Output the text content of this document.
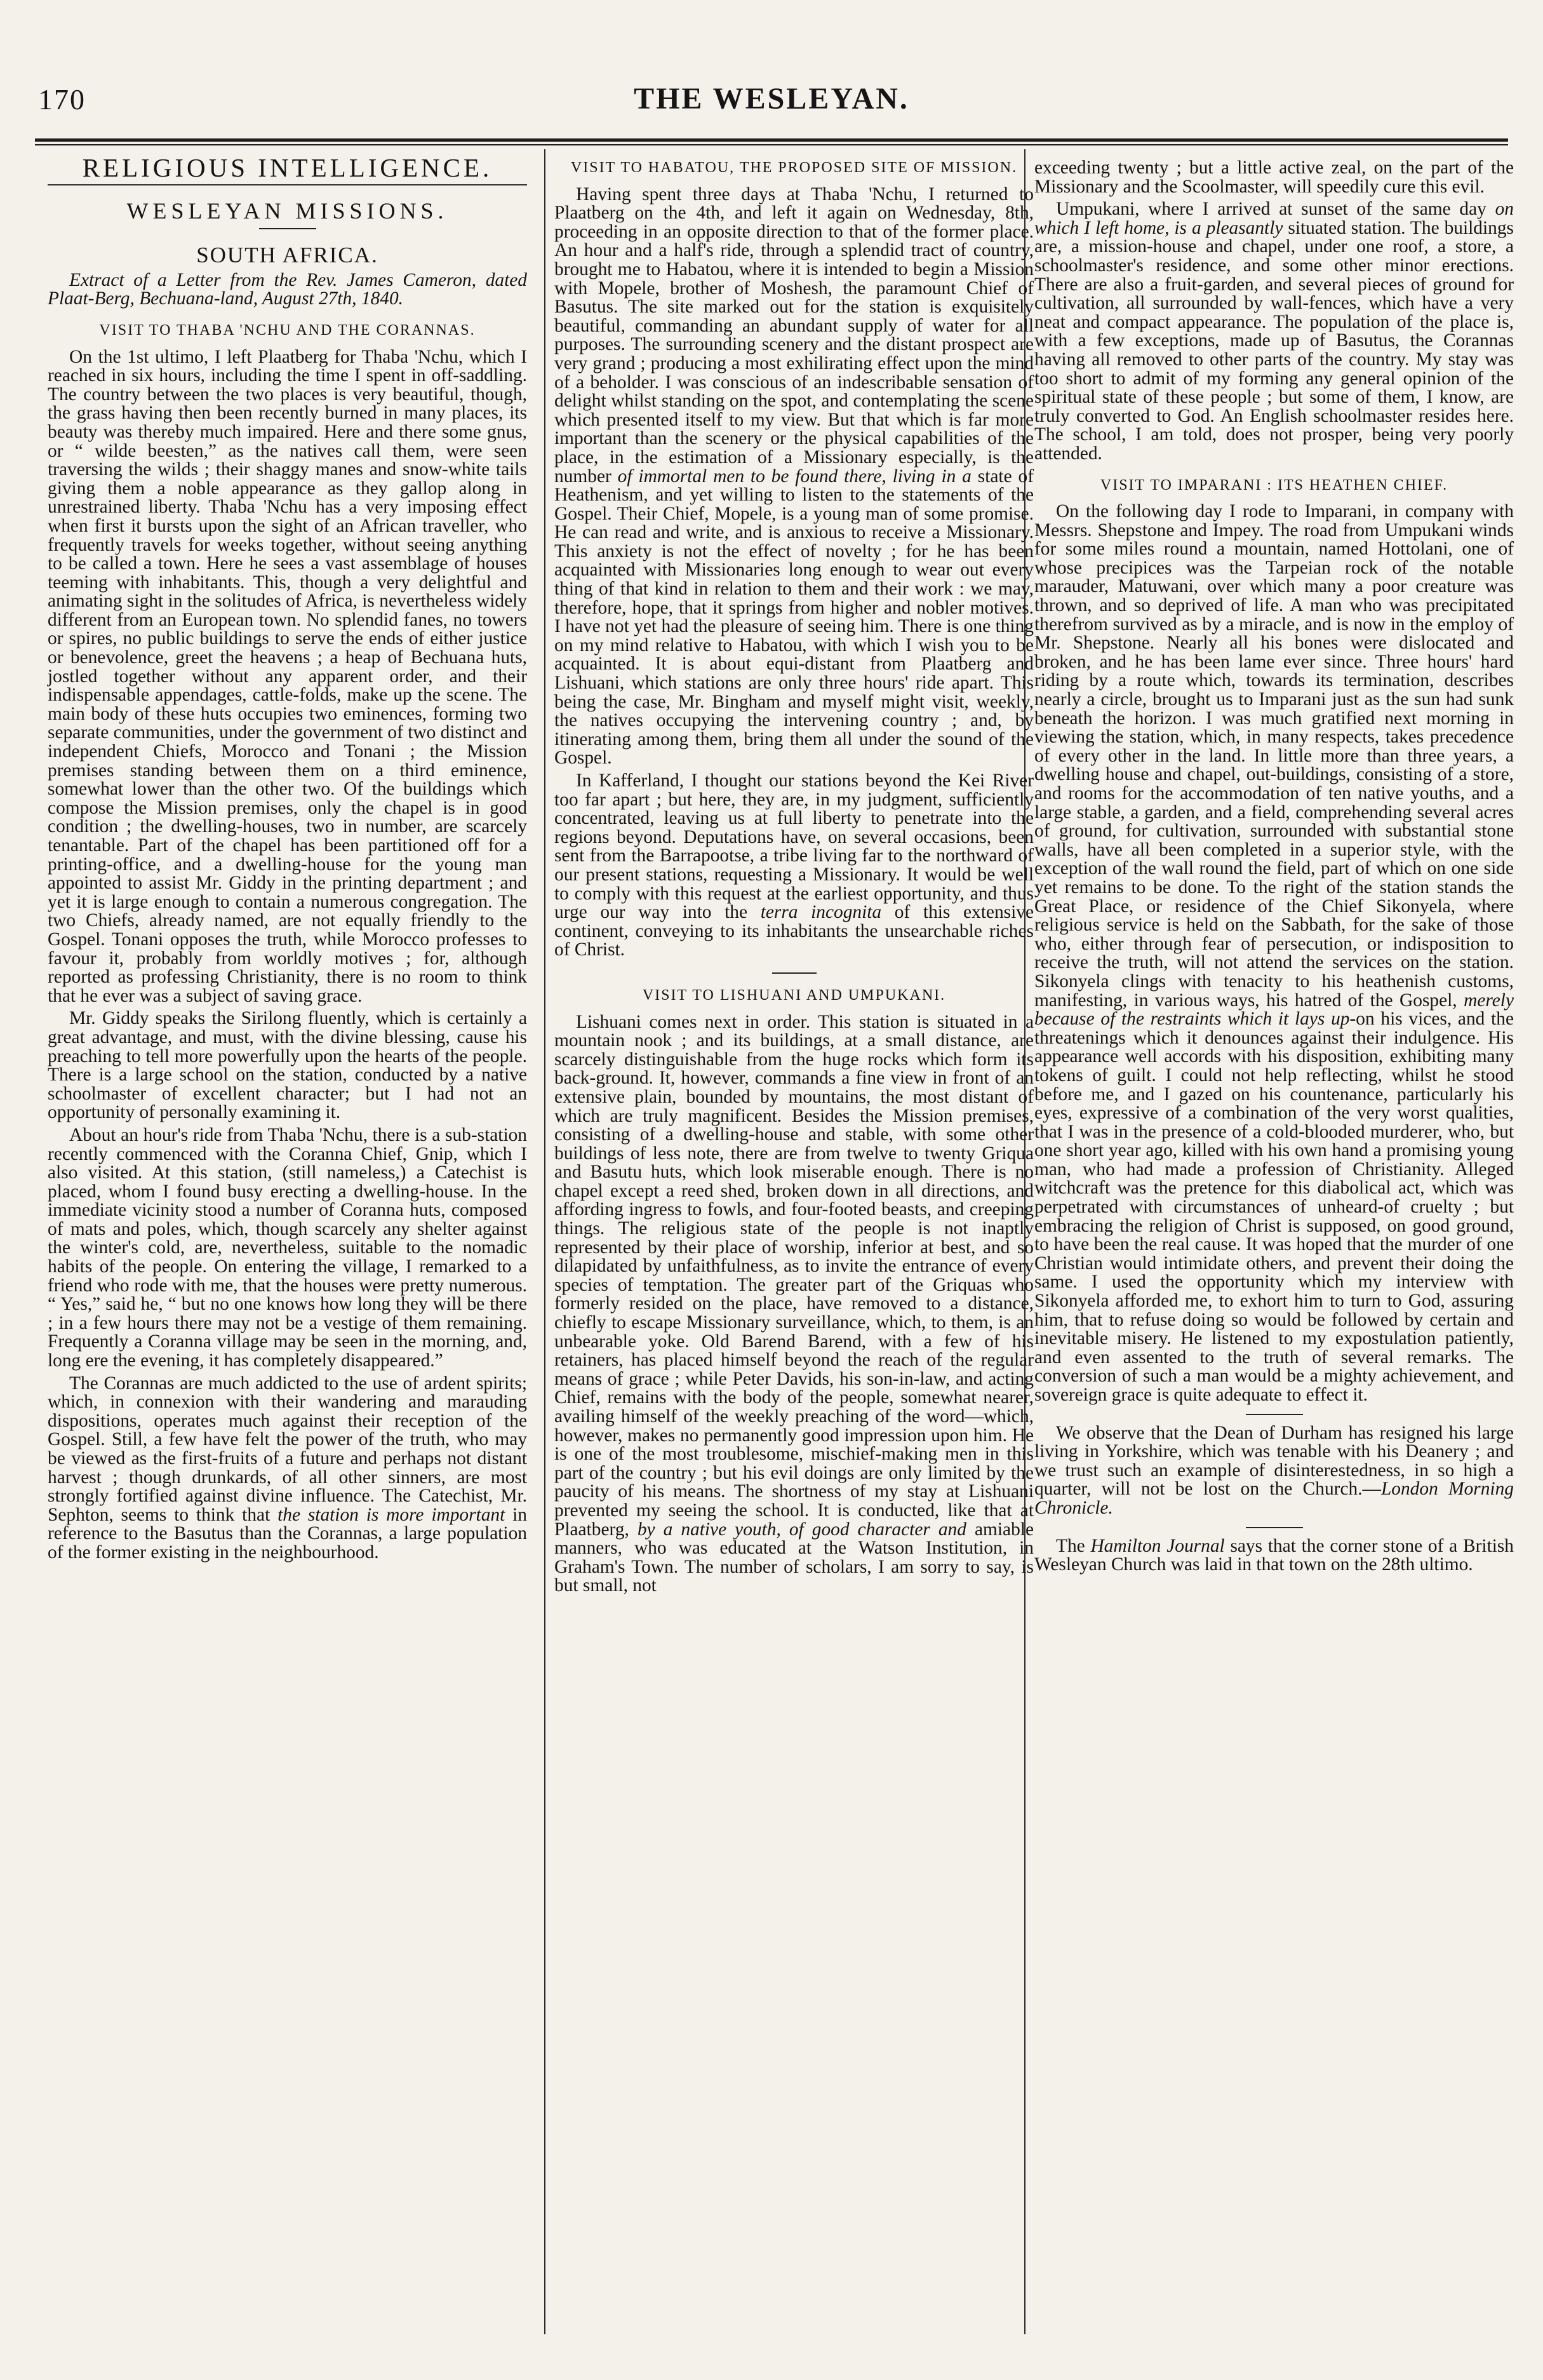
170	THE WESLEYAN.
RELIGIOUS INTELLIGENCE.
WESLEYAN MISSIONS.
SOUTH AFRICA.

Extract of a Letter from the Rev. James Cameron, dated Plaat-Berg, Bechuana-land, August 27th, 1840.

VISIT TO THABA 'NCHU AND THE CORANNAS.

On the 1st ultimo, I left Plaatberg for Thaba 'Nchu, which I reached in six hours, including the time I spent in off-saddling. The country between the two places is very beautiful, though, the grass having then been recently burned in many places, its beauty was thereby much impaired. Here and there some gnus, or “ wilde beesten,” as the natives call them, were seen traversing the wilds ; their shaggy manes and snow-white tails giving them a noble appearance as they gallop along in unrestrained liberty. Thaba 'Nchu has a very imposing effect when first it bursts upon the sight of an African traveller, who frequently travels for weeks together, without seeing anything to be called a town. Here he sees a vast assemblage of houses teeming with inhabitants. This, though a very delightful and animating sight in the solitudes of Africa, is nevertheless widely different from an European town. No splendid fanes, no towers or spires, no public buildings to serve the ends of either justice or benevolence, greet the heavens ; a heap of Bechuana huts, jostled together without any apparent order, and their indispensable appendages, cattle-folds, make up the scene. The main body of these huts occupies two eminences, forming two separate communities, under the government of two distinct and independent Chiefs, Morocco and Tonani ; the Mission premises standing between them on a third eminence, somewhat lower than the other two. Of the buildings which compose the Mission premises, only the chapel is in good condition ; the dwelling-houses, two in number, are scarcely tenantable. Part of the chapel has been partitioned off for a printing-office, and a dwelling-house for the young man appointed to assist Mr. Giddy in the printing department ; and yet it is large enough to contain a numerous congregation. The two Chiefs, already named, are not equally friendly to the Gospel. Tonani opposes the truth, while Morocco professes to favour it, probably from worldly motives ; for, although reported as professing Christianity, there is no room to think that he ever was a subject of saving grace.

Mr. Giddy speaks the Sirilong fluently, which is certainly a great advantage, and must, with the divine blessing, cause his preaching to tell more powerfully upon the hearts of the people. There is a large school on the station, conducted by a native schoolmaster of excellent character; but I had not an opportunity of personally examining it.

About an hour's ride from Thaba 'Nchu, there is a sub-station recently commenced with the Coranna Chief, Gnip, which I also visited. At this station, (still nameless,) a Catechist is placed, whom I found busy erecting a dwelling-house. In the immediate vicinity stood a number of Coranna huts, composed of mats and poles, which, though scarcely any shelter against the winter's cold, are, nevertheless, suitable to the nomadic habits of the people. On entering the village, I remarked to a friend who rode with me, that the houses were pretty numerous. “ Yes,” said he, “ but no one knows how long they will be there ; in a few hours there may not be a vestige of them remaining. Frequently a Coranna village may be seen in the morning, and, long ere the evening, it has completely disappeared.”

The Corannas are much addicted to the use of ardent spirits; which, in connexion with their wandering and marauding dispositions, operates much against their reception of the Gospel. Still, a few have felt the power of the truth, who may be viewed as the first-fruits of a future and perhaps not distant harvest ; though drunkards, of all other sinners, are most strongly fortified against divine influence. The Catechist, Mr. Sephton, seems to think that the station is more important in reference to the Basutus than the Corannas, a large population of the former existing in the neighbourhood.

VISIT TO HABATOU, THE PROPOSED SITE OF MISSION.

Having spent three days at Thaba 'Nchu, I returned to Plaatberg on the 4th, and left it again on Wednesday, 8th, proceeding in an opposite direction to that of the former place. An hour and a half's ride, through a splendid tract of country, brought me to Habatou, where it is intended to begin a Mission with Mopele, brother of Moshesh, the paramount Chief of Basutus. The site marked out for the station is exquisitely beautiful, commanding an abundant supply of water for all purposes. The surrounding scenery and the distant prospect are very grand ; producing a most exhilirating effect upon the mind of a beholder. I was conscious of an indescribable sensation of delight whilst standing on the spot, and contemplating the scene which presented itself to my view. But that which is far more important than the scenery or the physical capabilities of the place, in the estimation of a Missionary especially, is the number of immortal men to be found there, living in a state of Heathenism, and yet willing to listen to the statements of the Gospel. Their Chief, Mopele, is a young man of some promise. He can read and write, and is anxious to receive a Missionary. This anxiety is not the effect of novelty ; for he has been acquainted with Missionaries long enough to wear out every thing of that kind in relation to them and their work : we may, therefore, hope, that it springs from higher and nobler motives. I have not yet had the pleasure of seeing him. There is one thing on my mind relative to Habatou, with which I wish you to be acquainted. It is about equi-distant from Plaatberg and Lishuani, which stations are only three hours' ride apart. This being the case, Mr. Bingham and myself might visit, weekly, the natives occupying the intervening country ; and, by itinerating among them, bring them all under the sound of the Gospel.

In Kafferland, I thought our stations beyond the Kei River too far apart ; but here, they are, in my judgment, sufficiently concentrated, leaving us at full liberty to penetrate into the regions beyond. Deputations have, on several occasions, been sent from the Barrapootse, a tribe living far to the northward of our present stations, requesting a Missionary. It would be well to comply with this request at the earliest opportunity, and thus urge our way into the terra incognita of this extensive continent, conveying to its inhabitants the unsearchable riches of Christ.

VISIT TO LISHUANI AND UMPUKANI.

Lishuani comes next in order. This station is situated in a mountain nook ; and its buildings, at a small distance, are scarcely distinguishable from the huge rocks which form its back-ground. It, however, commands a fine view in front of an extensive plain, bounded by mountains, the most distant of which are truly magnificent. Besides the Mission premises, consisting of a dwelling-house and stable, with some other buildings of less note, there are from twelve to twenty Griqua and Basutu huts, which look miserable enough. There is no chapel except a reed shed, broken down in all directions, and affording ingress to fowls, and four-footed beasts, and creeping things. The religious state of the people is not inaptly represented by their place of worship, inferior at best, and so dilapidated by unfaithfulness, as to invite the entrance of every species of temptation. The greater part of the Griquas who formerly resided on the place, have removed to a distance, chiefly to escape Missionary surveillance, which, to them, is an unbearable yoke. Old Barend Barend, with a few of his retainers, has placed himself beyond the reach of the regular means of grace ; while Peter Davids, his son-in-law, and acting Chief, remains with the body of the people, somewhat nearer, availing himself of the weekly preaching of the word—which, however, makes no permanently good impression upon him. He is one of the most troublesome, mischief-making men in this part of the country ; but his evil doings are only limited by the paucity of his means. The shortness of my stay at Lishuani prevented my seeing the school. It is conducted, like that at Plaatberg, by a native youth, of good character and amiable manners, who was educated at the Watson Institution, in Graham's Town. The number of scholars, I am sorry to say, is but small, not

exceeding twenty ; but a little active zeal, on the part of the Missionary and the Scoolmaster, will speedily cure this evil.

Umpukani, where I arrived at sunset of the same day on which I left home, is a pleasantly situated station. The buildings are, a mission-house and chapel, under one roof, a store, a schoolmaster's residence, and some other minor erections. There are also a fruit-garden, and several pieces of ground for cultivation, all surrounded by wall-fences, which have a very neat and compact appearance. The population of the place is, with a few exceptions, made up of Basutus, the Corannas having all removed to other parts of the country. My stay was too short to admit of my forming any general opinion of the spiritual state of these people ; but some of them, I know, are truly converted to God. An English schoolmaster resides here. The school, I am told, does not prosper, being very poorly attended.

VISIT TO IMPARANI : ITS HEATHEN CHIEF.

On the following day I rode to Imparani, in company with Messrs. Shepstone and Impey. The road from Umpukani winds for some miles round a mountain, named Hottolani, one of whose precipices was the Tarpeian rock of the notable marauder, Matuwani, over which many a poor creature was thrown, and so deprived of life. A man who was precipitated therefrom survived as by a miracle, and is now in the employ of Mr. Shepstone. Nearly all his bones were dislocated and broken, and he has been lame ever since. Three hours' hard riding by a route which, towards its termination, describes nearly a circle, brought us to Imparani just as the sun had sunk beneath the horizon. I was much gratified next morning in viewing the station, which, in many respects, takes precedence of every other in the land. In little more than three years, a dwelling house and chapel, out-buildings, consisting of a store, and rooms for the accommodation of ten native youths, and a large stable, a garden, and a field, comprehending several acres of ground, for cultivation, surrounded with substantial stone walls, have all been completed in a superior style, with the exception of the wall round the field, part of which on one side yet remains to be done. To the right of the station stands the Great Place, or residence of the Chief Sikonyela, where religious service is held on the Sabbath, for the sake of those who, either through fear of persecution, or indisposition to receive the truth, will not attend the services on the station. Sikonyela clings with tenacity to his heathenish customs, manifesting, in various ways, his hatred of the Gospel, merely because of the restraints which it lays up-on his vices, and the threatenings which it denounces against their indulgence. His appearance well accords with his disposition, exhibiting many tokens of guilt. I could not help reflecting, whilst he stood before me, and I gazed on his countenance, particularly his eyes, expressive of a combination of the very worst qualities, that I was in the presence of a cold-blooded murderer, who, but one short year ago, killed with his own hand a promising young man, who had made a profession of Christianity. Alleged witchcraft was the pretence for this diabolical act, which was perpetrated with circumstances of unheard-of cruelty ; but embracing the religion of Christ is supposed, on good ground, to have been the real cause. It was hoped that the murder of one Christian would intimidate others, and prevent their doing the same. I used the opportunity which my interview with Sikonyela afforded me, to exhort him to turn to God, assuring him, that to refuse doing so would be followed by certain and inevitable misery. He listened to my expostulation patiently, and even assented to the truth of several remarks. The conversion of such a man would be a mighty achievement, and sovereign grace is quite adequate to effect it.

We observe that the Dean of Durham has resigned his large living in Yorkshire, which was tenable with his Deanery ; and we trust such an example of disinterestedness, in so high a quarter, will not be lost on the Church.—London Morning Chronicle.

The Hamilton Journal says that the corner stone of a British Wesleyan Church was laid in that town on the 28th ultimo.
